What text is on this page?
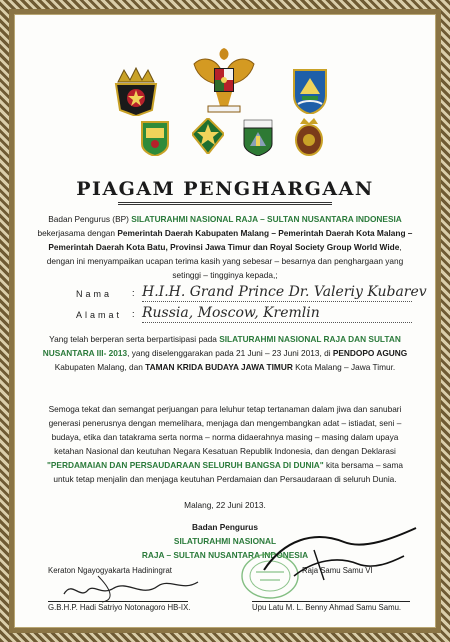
PIAGAM PENGHARGAAN
Badan Pengurus (BP) SILATURAHMI NASIONAL RAJA – SULTAN NUSANTARA INDONESIA bekerjasama dengan Pemerintah Daerah Kabupaten Malang – Pemerintah Daerah Kota Malang – Pemerintah Daerah Kota Batu, Provinsi Jawa Timur dan Royal Society Group World Wide, dengan ini menyampaikan ucapan terima kasih yang sebesar – besarnya dan penghargaan yang setinggi – tingginya kepada,;
Nama : H.I.H. Grand Prince Dr. Valeriy Kubarev
Alamat : Russia, Moscow, Kremlin
Yang telah berperan serta berpartisipasi pada SILATURAHMI NASIONAL RAJA DAN SULTAN NUSANTARA III- 2013, yang diselenggarakan pada 21 Juni – 23 Juni 2013, di PENDOPO AGUNG Kabupaten Malang, dan TAMAN KRIDA BUDAYA JAWA TIMUR Kota Malang – Jawa Timur.
Semoga tekat dan semangat perjuangan para leluhur tetap tertanaman dalam jiwa dan sanubari generasi penerusnya dengan memelihara, menjaga dan mengembangkan adat – istiadat, seni – budaya, etika dan tatakrama serta norma – norma didaerahnya masing – masing dalam upaya ketahan Nasional dan keutuhan Negara Kesatuan Republik Indonesia, dan dengan Deklarasi "PERDAMAIAN DAN PERSAUDARAAN SELURUH BANGSA DI DUNIA" kita bersama – sama untuk tetap menjalin dan menjaga keutuhan Perdamaian dan Persaudaraan di seluruh Dunia.
Malang, 22 Juni 2013.
Badan Pengurus
SILATURAHMI NASIONAL
RAJA – SULTAN NUSANTARA INDONESIA
Keraton Ngayogyakarta Hadiningrat	Raja Samu Samu VI
G.B.H.P. Hadi Satriyo Notonagoro HB-IX.	Upu Latu M. L. Benny Ahmad Samu Samu.
